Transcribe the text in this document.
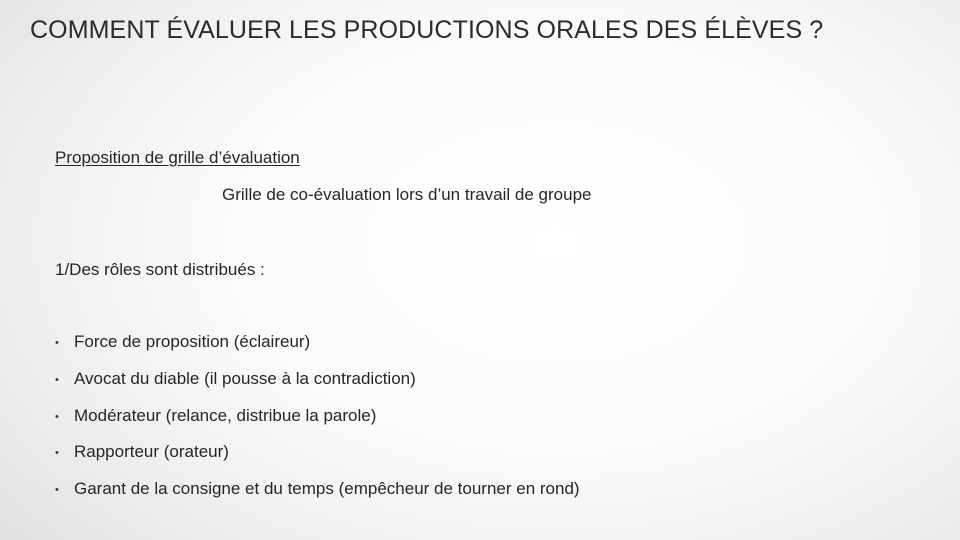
COMMENT ÉVALUER LES PRODUCTIONS ORALES DES ÉLÈVES ?
Proposition de grille d’évaluation
Grille de co-évaluation lors d’un travail de groupe
1/Des rôles sont distribués :
• Force de proposition (éclaireur)
• Avocat du diable (il pousse à la contradiction)
• Modérateur (relance, distribue la parole)
• Rapporteur (orateur)
• Garant de la consigne et du temps (empêcheur de tourner en rond)
